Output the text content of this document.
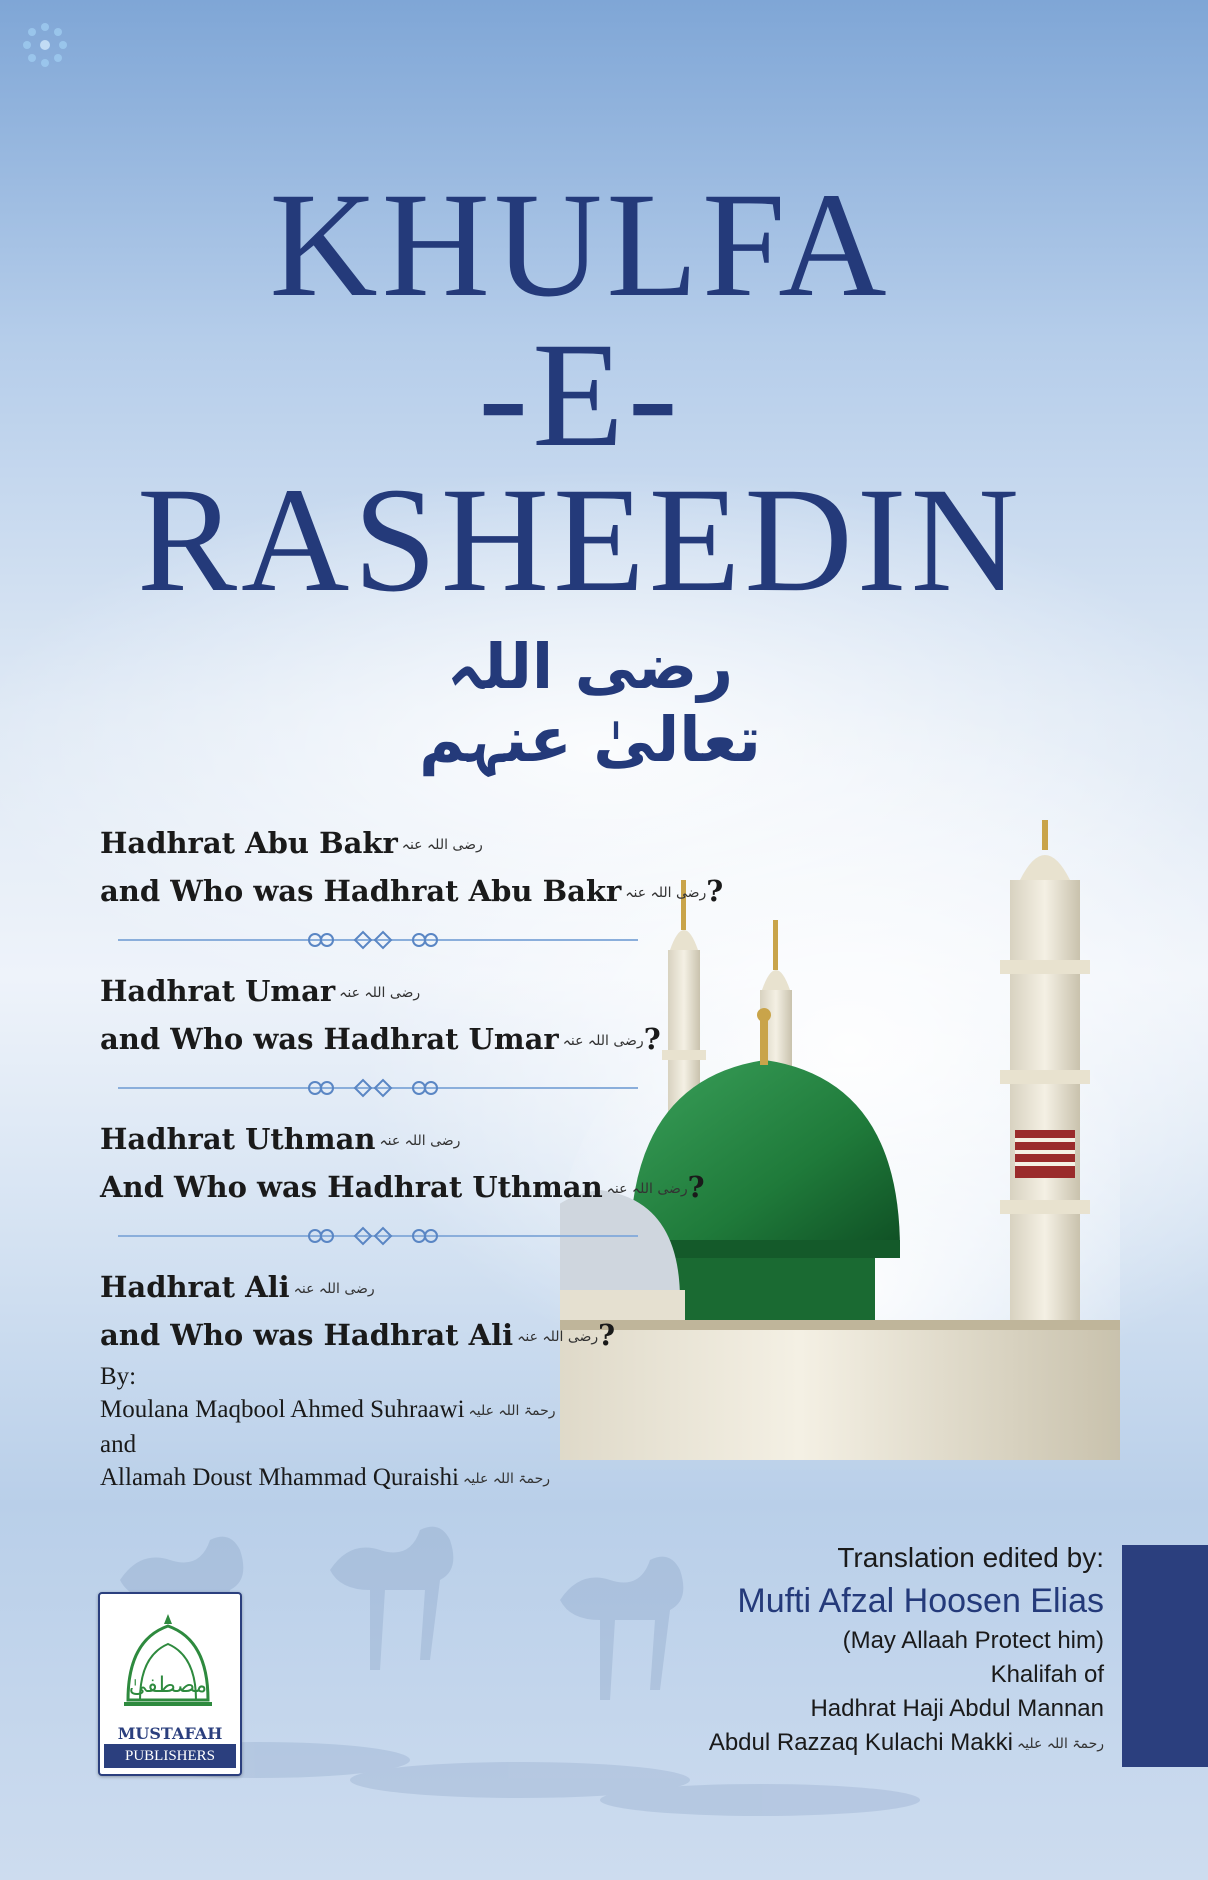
KHULFA
-E-
RASHEEDIN
رضی اللہ تعالیٰ عنہم
Hadhrat Abu Bakr رضی اللہ عنہ
and Who was Hadhrat Abu Bakr رضی اللہ عنہ?
Hadhrat Umar رضی اللہ عنہ
and Who was Hadhrat Umar رضی اللہ عنہ?
Hadhrat Uthman رضی اللہ عنہ
And Who was Hadhrat Uthman رضی اللہ عنہ?
Hadhrat Ali رضی اللہ عنہ
and Who was Hadhrat Ali رضی اللہ عنہ?
By:
Moulana Maqbool Ahmed Suhraawi رحمۃ اللہ علیہ
and
Allamah Doust Mhammad Quraishi رحمۃ اللہ علیہ
مصطفیٰ
MUSTAFAH
PUBLISHERS
Translation edited by:
Mufti Afzal Hoosen Elias
(May Allaah Protect him)
Khalifah of
Hadhrat Haji Abdul Mannan
Abdul Razzaq Kulachi Makki رحمۃ اللہ علیہ
